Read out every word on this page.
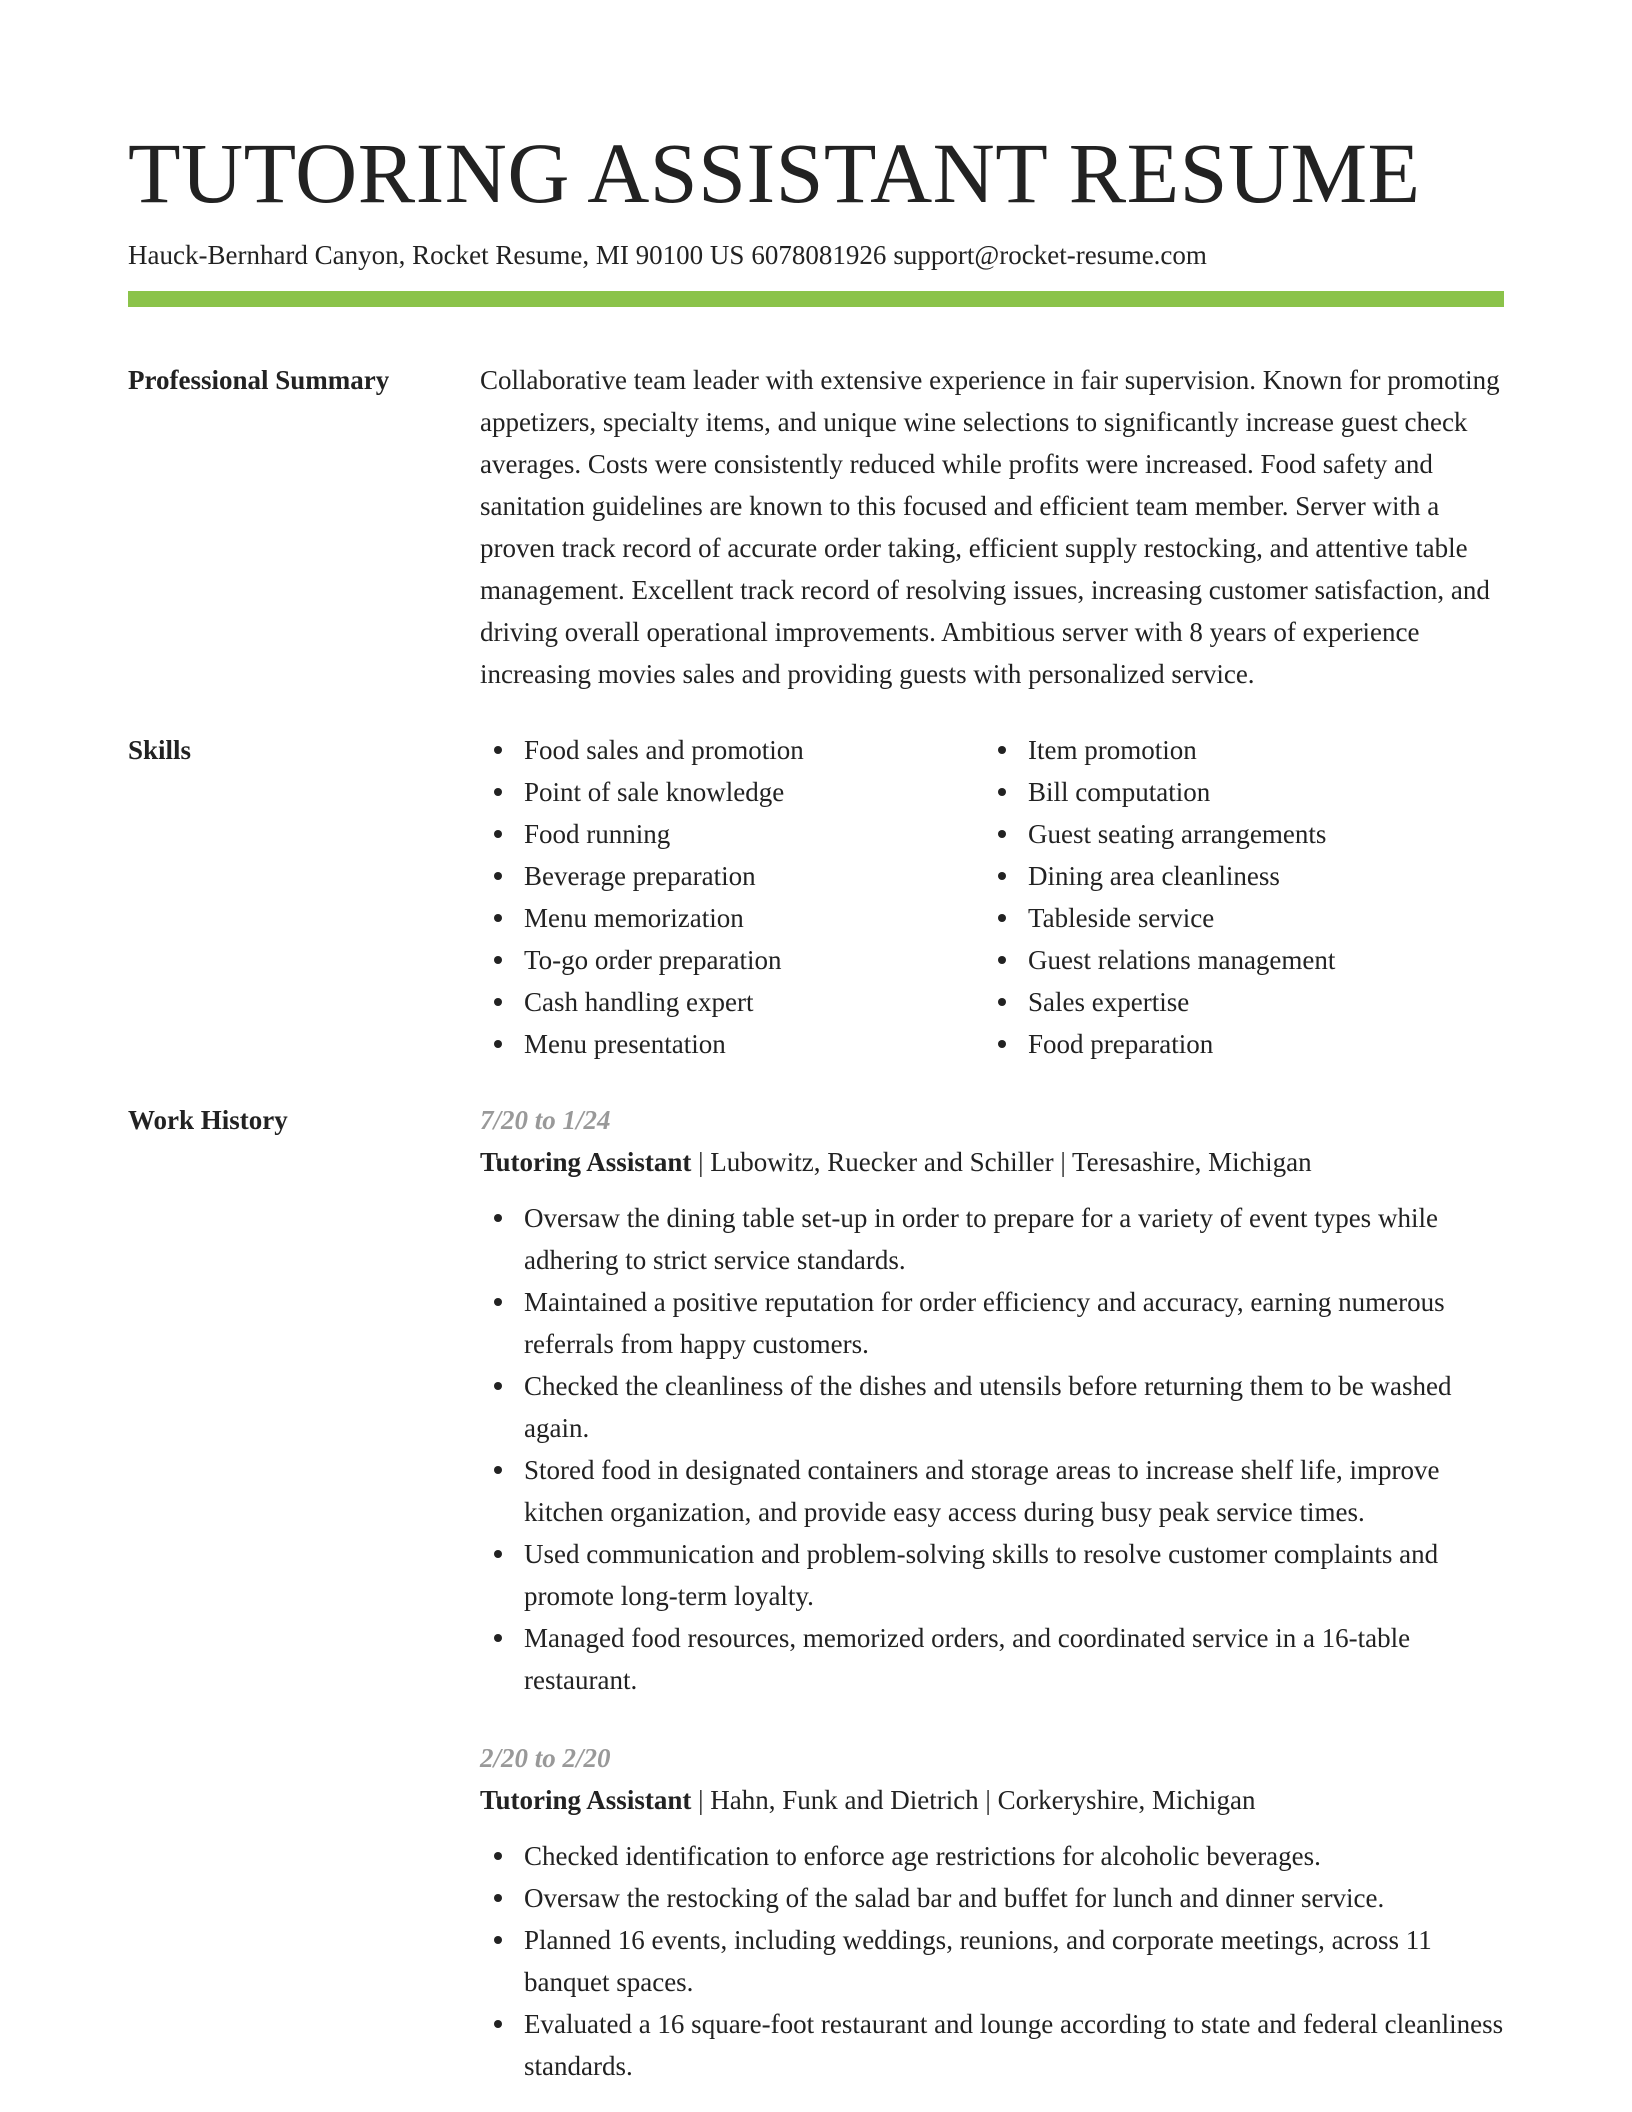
TUTORING ASSISTANT RESUME
Hauck-Bernhard Canyon, Rocket Resume, MI 90100 US 6078081926 support@rocket-resume.com
Professional Summary	Collaborative team leader with extensive experience in fair supervision. Known for promoting appetizers, specialty items, and unique wine selections to significantly increase guest check averages. Costs were consistently reduced while profits were increased. Food safety and sanitation guidelines are known to this focused and efficient team member. Server with a proven track record of accurate order taking, efficient supply restocking, and attentive table management. Excellent track record of resolving issues, increasing customer satisfaction, and driving overall operational improvements. Ambitious server with 8 years of experience increasing movies sales and providing guests with personalized service.
Skills	Food sales and promotion
Point of sale knowledge
Food running
Beverage preparation
Menu memorization
To-go order preparation
Cash handling expert
Menu presentation
Item promotion
Bill computation
Guest seating arrangements
Dining area cleanliness
Tableside service
Guest relations management
Sales expertise
Food preparation
Work History	7/20 to 1/24
Tutoring Assistant | Lubowitz, Ruecker and Schiller | Teresashire, Michigan
Oversaw the dining table set-up in order to prepare for a variety of event types while adhering to strict service standards.
Maintained a positive reputation for order efficiency and accuracy, earning numerous referrals from happy customers.
Checked the cleanliness of the dishes and utensils before returning them to be washed again.
Stored food in designated containers and storage areas to increase shelf life, improve kitchen organization, and provide easy access during busy peak service times.
Used communication and problem-solving skills to resolve customer complaints and promote long-term loyalty.
Managed food resources, memorized orders, and coordinated service in a 16-table restaurant.
2/20 to 2/20
Tutoring Assistant | Hahn, Funk and Dietrich | Corkeryshire, Michigan
Checked identification to enforce age restrictions for alcoholic beverages.
Oversaw the restocking of the salad bar and buffet for lunch and dinner service.
Planned 16 events, including weddings, reunions, and corporate meetings, across 11 banquet spaces.
Evaluated a 16 square-foot restaurant and lounge according to state and federal cleanliness standards.
